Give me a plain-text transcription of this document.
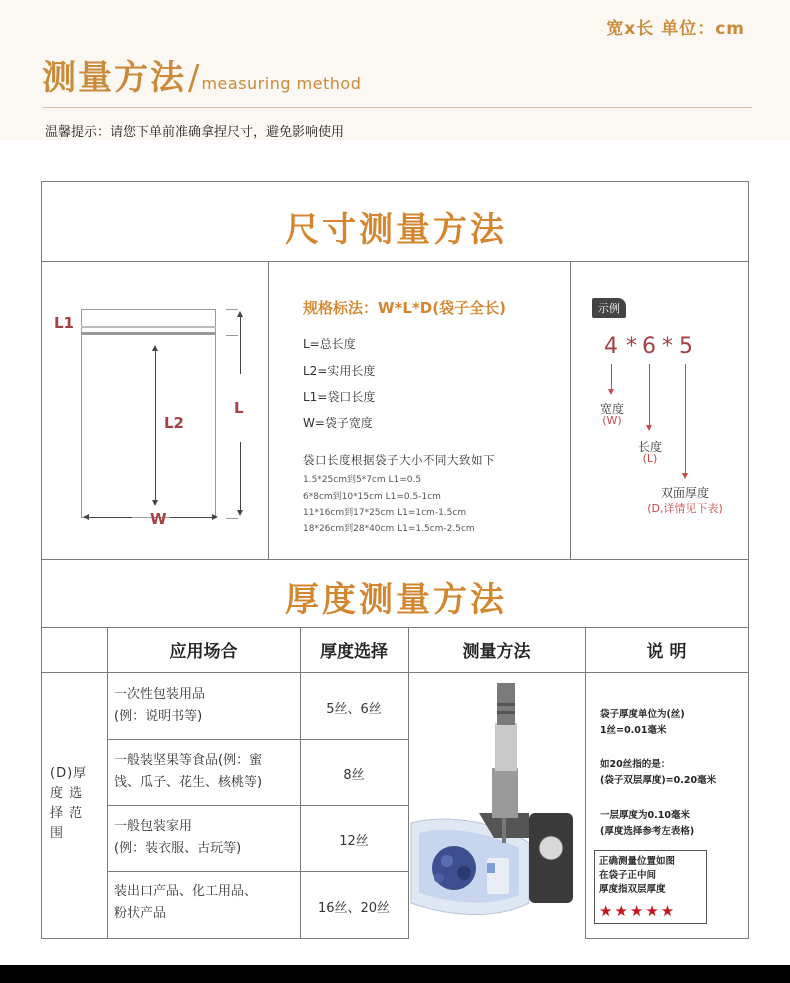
宽x长 单位：cm
测量方法 / measuring method
温馨提示：请您下单前准确拿捏尺寸，避免影响使用
尺寸测量方法
L1
L2
L
W
规格标法：W*L*D(袋子全长)
L=总长度
L2=实用长度
L1=袋口长度
W=袋子宽度
袋口长度根据袋子大小不同大致如下
1.5*25cm到5*7cm L1=0.5
6*8cm到10*15cm L1=0.5-1cm
11*16cm到17*25cm L1=1cm-1.5cm
18*26cm到28*40cm L1=1.5cm-2.5cm
示例
4 * 6 * 5
宽度
(W)
长度
(L)
双面厚度
(D,详情见下表)
厚度测量方法
应用场合	厚度选择	测量方法	说 明
(D)厚
度 选
择 范
围
一次性包装用品
(例：说明书等)	5丝、6丝
一般装坚果等食品(例：蜜
饯、瓜子、花生、核桃等)	8丝
一般包装家用
(例：装衣服、古玩等)	12丝
装出口产品、化工用品、
粉状产品	16丝、20丝
袋子厚度单位为(丝)
1丝=0.01毫米
如20丝指的是：
(袋子双层厚度)=0.20毫米
一层厚度为0.10毫米
(厚度选择参考左表格)
正确测量位置如图
在袋子正中间
厚度指双层厚度
★★★★★
